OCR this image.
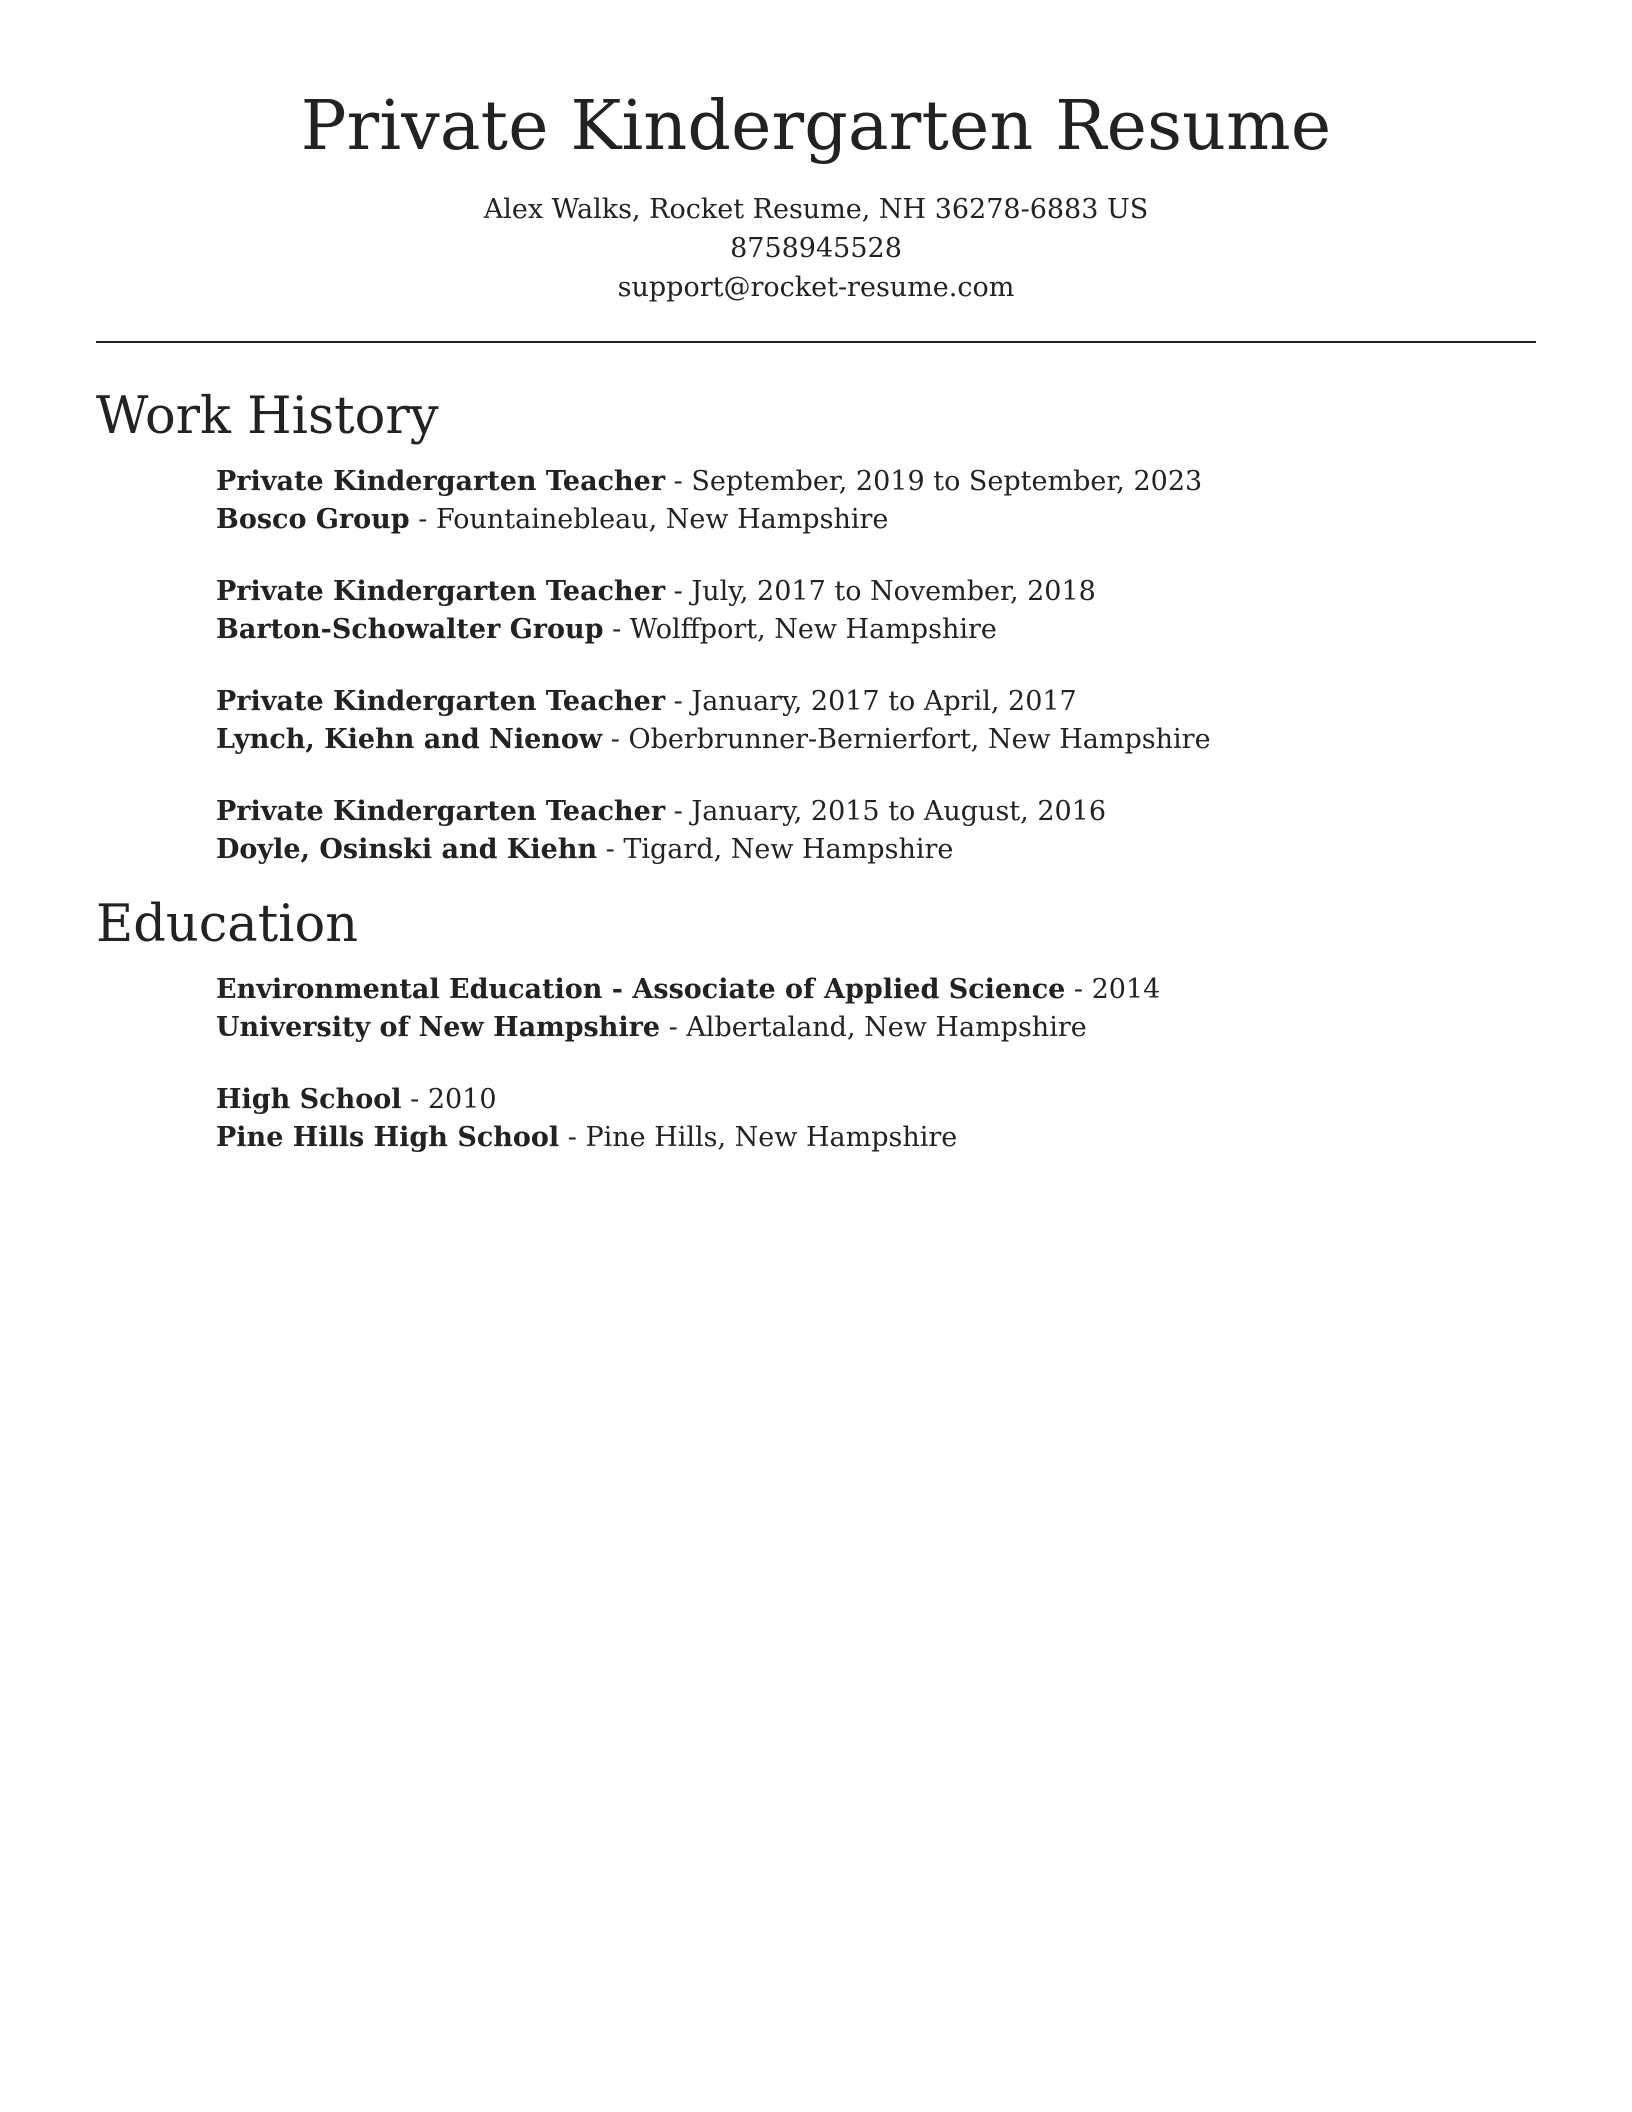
Private Kindergarten Resume
Alex Walks, Rocket Resume, NH 36278-6883 US
8758945528
support@rocket-resume.com
Work History
Private Kindergarten Teacher - September, 2019 to September, 2023
Bosco Group - Fountainebleau, New Hampshire
Private Kindergarten Teacher - July, 2017 to November, 2018
Barton-Schowalter Group - Wolffport, New Hampshire
Private Kindergarten Teacher - January, 2017 to April, 2017
Lynch, Kiehn and Nienow - Oberbrunner-Bernierfort, New Hampshire
Private Kindergarten Teacher - January, 2015 to August, 2016
Doyle, Osinski and Kiehn - Tigard, New Hampshire
Education
Environmental Education - Associate of Applied Science - 2014
University of New Hampshire - Albertaland, New Hampshire
High School - 2010
Pine Hills High School - Pine Hills, New Hampshire
